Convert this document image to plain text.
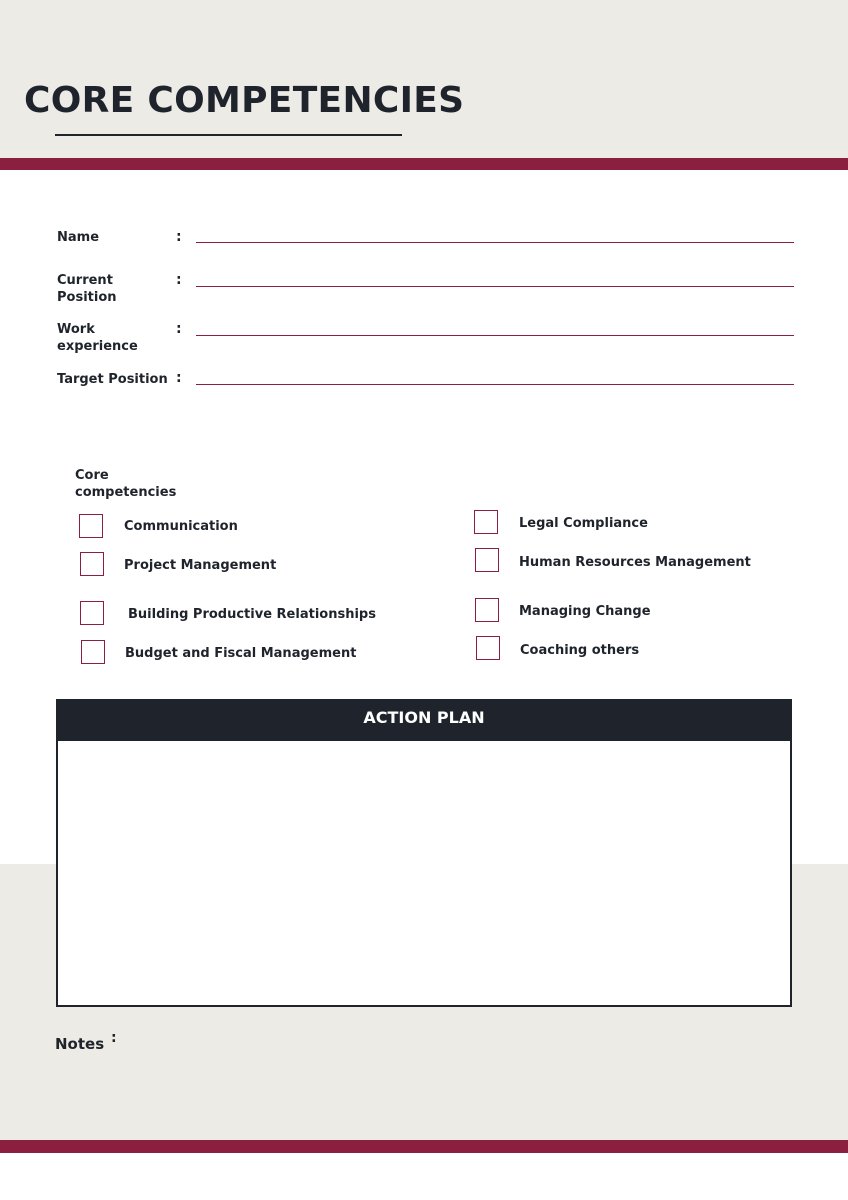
CORE COMPETENCIES
Name	:
Current Position
:
Work experience
:
Target Position :
Core competencies
Communication
Project Management
Building Productive Relationships
Budget and Fiscal Management
Legal Compliance
Human Resources Management
Managing Change
Coaching others
ACTION PLAN
Notes :
